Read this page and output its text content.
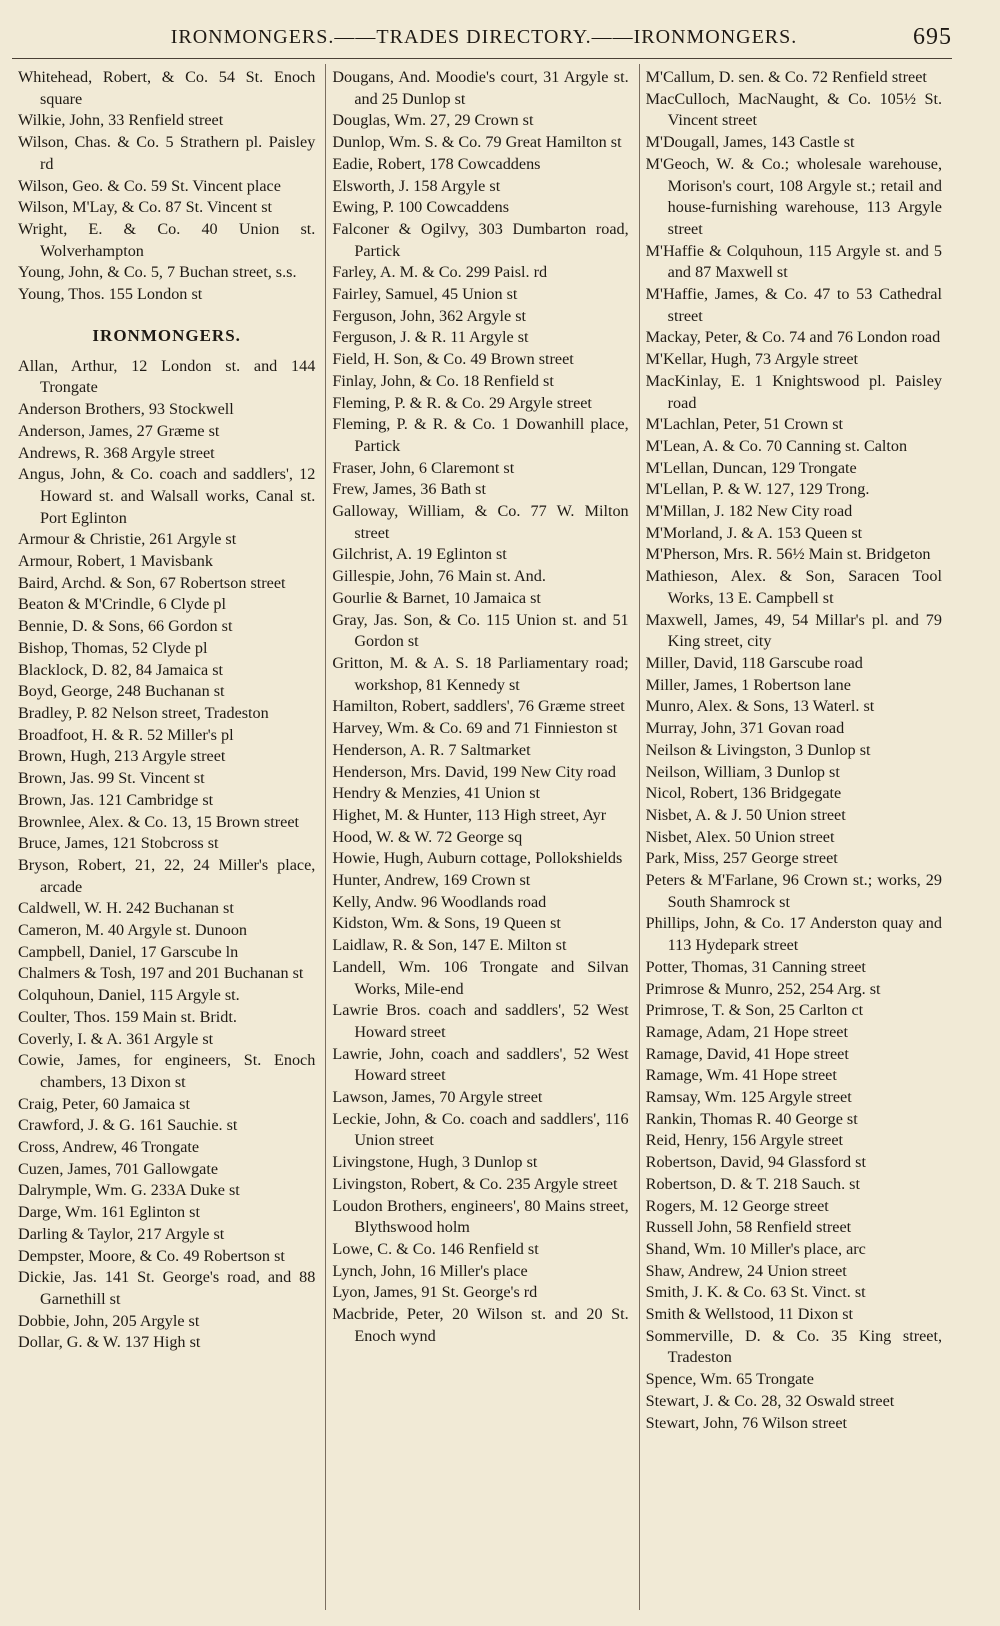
IRONMONGERS.——TRADES DIRECTORY.——IRONMONGERS.	695

Whitehead, Robert, & Co. 54 St. Enoch square

Wilkie, John, 33 Renfield street

Wilson, Chas. & Co. 5 Strathern pl. Paisley rd

Wilson, Geo. & Co. 59 St. Vincent place

Wilson, M'Lay, & Co. 87 St. Vincent st

Wright, E. & Co. 40 Union st. Wolverhampton

Young, John, & Co. 5, 7 Buchan street, s.s.

Young, Thos. 155 London st

IRONMONGERS.

Allan, Arthur, 12 London st. and 144 Trongate

Anderson Brothers, 93 Stockwell

Anderson, James, 27 Græme st

Andrews, R. 368 Argyle street

Angus, John, & Co. coach and saddlers', 12 Howard st. and Walsall works, Canal st. Port Eglinton

Armour & Christie, 261 Argyle st

Armour, Robert, 1 Mavisbank

Baird, Archd. & Son, 67 Robertson street

Beaton & M'Crindle, 6 Clyde pl

Bennie, D. & Sons, 66 Gordon st

Bishop, Thomas, 52 Clyde pl

Blacklock, D. 82, 84 Jamaica st

Boyd, George, 248 Buchanan st

Bradley, P. 82 Nelson street, Tradeston

Broadfoot, H. & R. 52 Miller's pl

Brown, Hugh, 213 Argyle street

Brown, Jas. 99 St. Vincent st

Brown, Jas. 121 Cambridge st

Brownlee, Alex. & Co. 13, 15 Brown street

Bruce, James, 121 Stobcross st

Bryson, Robert, 21, 22, 24 Miller's place, arcade

Caldwell, W. H. 242 Buchanan st

Cameron, M. 40 Argyle st. Dunoon

Campbell, Daniel, 17 Garscube ln

Chalmers & Tosh, 197 and 201 Buchanan st

Colquhoun, Daniel, 115 Argyle st.

Coulter, Thos. 159 Main st. Bridt.

Coverly, I. & A. 361 Argyle st

Cowie, James, for engineers, St. Enoch chambers, 13 Dixon st

Craig, Peter, 60 Jamaica st

Crawford, J. & G. 161 Sauchie. st

Cross, Andrew, 46 Trongate

Cuzen, James, 701 Gallowgate

Dalrymple, Wm. G. 233A Duke st

Darge, Wm. 161 Eglinton st

Darling & Taylor, 217 Argyle st

Dempster, Moore, & Co. 49 Robertson st

Dickie, Jas. 141 St. George's road, and 88 Garnethill st

Dobbie, John, 205 Argyle st

Dollar, G. & W. 137 High st

Dougans, And. Moodie's court, 31 Argyle st. and 25 Dunlop st

Douglas, Wm. 27, 29 Crown st

Dunlop, Wm. S. & Co. 79 Great Hamilton st

Eadie, Robert, 178 Cowcaddens

Elsworth, J. 158 Argyle st

Ewing, P. 100 Cowcaddens

Falconer & Ogilvy, 303 Dumbarton road, Partick

Farley, A. M. & Co. 299 Paisl. rd

Fairley, Samuel, 45 Union st

Ferguson, John, 362 Argyle st

Ferguson, J. & R. 11 Argyle st

Field, H. Son, & Co. 49 Brown street

Finlay, John, & Co. 18 Renfield st

Fleming, P. & R. & Co. 29 Argyle street

Fleming, P. & R. & Co. 1 Dowanhill place, Partick

Fraser, John, 6 Claremont st

Frew, James, 36 Bath st

Galloway, William, & Co. 77 W. Milton street

Gilchrist, A. 19 Eglinton st

Gillespie, John, 76 Main st. And.

Gourlie & Barnet, 10 Jamaica st

Gray, Jas. Son, & Co. 115 Union st. and 51 Gordon st

Gritton, M. & A. S. 18 Parliamentary road; workshop, 81 Kennedy st

Hamilton, Robert, saddlers', 76 Græme street

Harvey, Wm. & Co. 69 and 71 Finnieston st

Henderson, A. R. 7 Saltmarket

Henderson, Mrs. David, 199 New City road

Hendry & Menzies, 41 Union st

Highet, M. & Hunter, 113 High street, Ayr

Hood, W. & W. 72 George sq

Howie, Hugh, Auburn cottage, Pollokshields

Hunter, Andrew, 169 Crown st

Kelly, Andw. 96 Woodlands road

Kidston, Wm. & Sons, 19 Queen st

Laidlaw, R. & Son, 147 E. Milton st

Landell, Wm. 106 Trongate and Silvan Works, Mile-end

Lawrie Bros. coach and saddlers', 52 West Howard street

Lawrie, John, coach and saddlers', 52 West Howard street

Lawson, James, 70 Argyle street

Leckie, John, & Co. coach and saddlers', 116 Union street

Livingstone, Hugh, 3 Dunlop st

Livingston, Robert, & Co. 235 Argyle street

Loudon Brothers, engineers', 80 Mains street, Blythswood holm

Lowe, C. & Co. 146 Renfield st

Lynch, John, 16 Miller's place

Lyon, James, 91 St. George's rd

Macbride, Peter, 20 Wilson st. and 20 St. Enoch wynd

M'Callum, D. sen. & Co. 72 Renfield street

MacCulloch, MacNaught, & Co. 105½ St. Vincent street

M'Dougall, James, 143 Castle st

M'Geoch, W. & Co.; wholesale warehouse, Morison's court, 108 Argyle st.; retail and house-furnishing warehouse, 113 Argyle street

M'Haffie & Colquhoun, 115 Argyle st. and 5 and 87 Maxwell st

M'Haffie, James, & Co. 47 to 53 Cathedral street

Mackay, Peter, & Co. 74 and 76 London road

M'Kellar, Hugh, 73 Argyle street

MacKinlay, E. 1 Knightswood pl. Paisley road

M'Lachlan, Peter, 51 Crown st

M'Lean, A. & Co. 70 Canning st. Calton

M'Lellan, Duncan, 129 Trongate

M'Lellan, P. & W. 127, 129 Trong.

M'Millan, J. 182 New City road

M'Morland, J. & A. 153 Queen st

M'Pherson, Mrs. R. 56½ Main st. Bridgeton

Mathieson, Alex. & Son, Saracen Tool Works, 13 E. Campbell st

Maxwell, James, 49, 54 Millar's pl. and 79 King street, city

Miller, David, 118 Garscube road

Miller, James, 1 Robertson lane

Munro, Alex. & Sons, 13 Waterl. st

Murray, John, 371 Govan road

Neilson & Livingston, 3 Dunlop st

Neilson, William, 3 Dunlop st

Nicol, Robert, 136 Bridgegate

Nisbet, A. & J. 50 Union street

Nisbet, Alex. 50 Union street

Park, Miss, 257 George street

Peters & M'Farlane, 96 Crown st.; works, 29 South Shamrock st

Phillips, John, & Co. 17 Anderston quay and 113 Hydepark street

Potter, Thomas, 31 Canning street

Primrose & Munro, 252, 254 Arg. st

Primrose, T. & Son, 25 Carlton ct

Ramage, Adam, 21 Hope street

Ramage, David, 41 Hope street

Ramage, Wm. 41 Hope street

Ramsay, Wm. 125 Argyle street

Rankin, Thomas R. 40 George st

Reid, Henry, 156 Argyle street

Robertson, David, 94 Glassford st

Robertson, D. & T. 218 Sauch. st

Rogers, M. 12 George street

Russell John, 58 Renfield street

Shand, Wm. 10 Miller's place, arc

Shaw, Andrew, 24 Union street

Smith, J. K. & Co. 63 St. Vinct. st

Smith & Wellstood, 11 Dixon st

Sommerville, D. & Co. 35 King street, Tradeston

Spence, Wm. 65 Trongate

Stewart, J. & Co. 28, 32 Oswald street

Stewart, John, 76 Wilson street
